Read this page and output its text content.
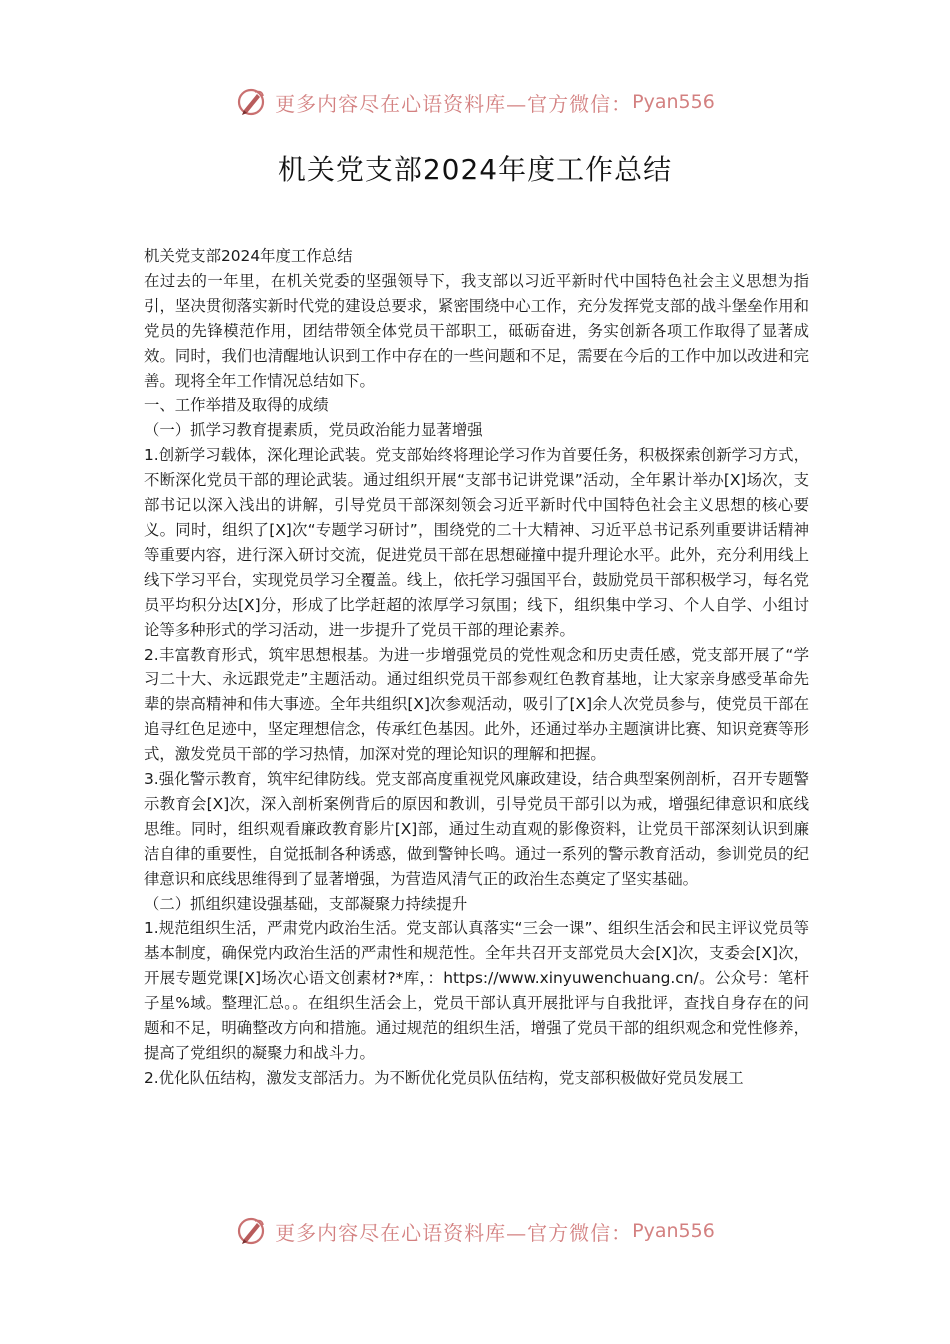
更多内容尽在心语资料库—官方微信： Pyan556
机关党支部2024年度工作总结

机关党支部2024年度工作总结

在过去的一年里，在机关党委的坚强领导下，我支部以习近平新时代中国特色社会主义思想为指引，坚决贯彻落实新时代党的建设总要求，紧密围绕中心工作，充分发挥党支部的战斗堡垒作用和党员的先锋模范作用，团结带领全体党员干部职工，砥砺奋进，务实创新各项工作取得了显著成效。同时，我们也清醒地认识到工作中存在的一些问题和不足，需要在今后的工作中加以改进和完善。现将全年工作情况总结如下。

一、工作举措及取得的成绩

（一）抓学习教育提素质，党员政治能力显著增强

1.创新学习载体，深化理论武装。党支部始终将理论学习作为首要任务，积极探索创新学习方式，不断深化党员干部的理论武装。通过组织开展“支部书记讲党课”活动，全年累计举办[X]场次，支部书记以深入浅出的讲解，引导党员干部深刻领会习近平新时代中国特色社会主义思想的核心要义。同时，组织了[X]次“专题学习研讨”，围绕党的二十大精神、习近平总书记系列重要讲话精神等重要内容，进行深入研讨交流，促进党员干部在思想碰撞中提升理论水平。此外，充分利用线上线下学习平台，实现党员学习全覆盖。线上，依托学习强国平台，鼓励党员干部积极学习，每名党员平均积分达[X]分，形成了比学赶超的浓厚学习氛围；线下，组织集中学习、个人自学、小组讨论等多种形式的学习活动，进一步提升了党员干部的理论素养。

2.丰富教育形式，筑牢思想根基。为进一步增强党员的党性观念和历史责任感，党支部开展了“学习二十大、永远跟党走”主题活动。通过组织党员干部参观红色教育基地，让大家亲身感受革命先辈的崇高精神和伟大事迹。全年共组织[X]次参观活动，吸引了[X]余人次党员参与，使党员干部在追寻红色足迹中，坚定理想信念，传承红色基因。此外，还通过举办主题演讲比赛、知识竞赛等形式，激发党员干部的学习热情，加深对党的理论知识的理解和把握。

3.强化警示教育，筑牢纪律防线。党支部高度重视党风廉政建设，结合典型案例剖析，召开专题警示教育会[X]次，深入剖析案例背后的原因和教训，引导党员干部引以为戒，增强纪律意识和底线思维。同时，组织观看廉政教育影片[X]部，通过生动直观的影像资料，让党员干部深刻认识到廉洁自律的重要性，自觉抵制各种诱惑，做到警钟长鸣。通过一系列的警示教育活动，参训党员的纪律意识和底线思维得到了显著增强，为营造风清气正的政治生态奠定了坚实基础。

（二）抓组织建设强基础，支部凝聚力持续提升

1.规范组织生活，严肃党内政治生活。党支部认真落实“三会一课”、组织生活会和民主评议党员等基本制度，确保党内政治生活的严肃性和规范性。全年共召开支部党员大会[X]次，支委会[X]次，开展专题党课[X]场次心语文创素材?*库，：https://www.xinyuwenchuang.cn/。公众号：笔杆子星%域。整理汇总。。在组织生活会上，党员干部认真开展批评与自我批评，查找自身存在的问题和不足，明确整改方向和措施。通过规范的组织生活，增强了党员干部的组织观念和党性修养，提高了党组织的凝聚力和战斗力。

2.优化队伍结构，激发支部活力。为不断优化党员队伍结构，党支部积极做好党员发展工

更多内容尽在心语资料库—官方微信： Pyan556
